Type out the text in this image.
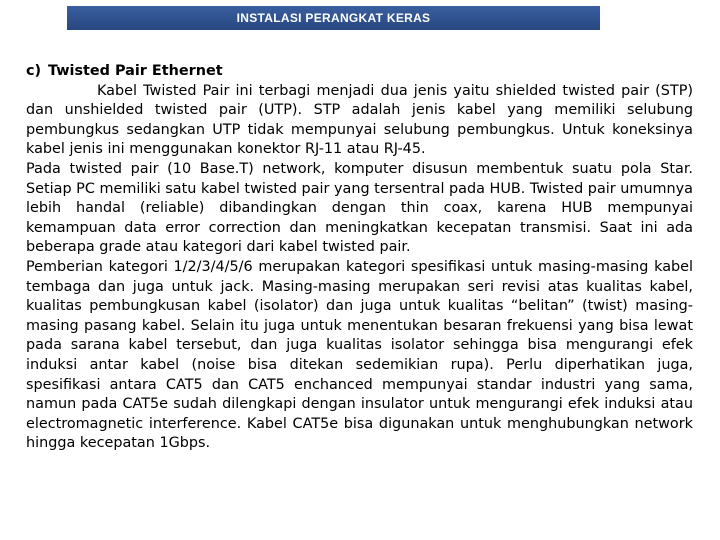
INSTALASI PERANGKAT KERAS

c) Twisted Pair Ethernet

Kabel Twisted Pair ini terbagi menjadi dua jenis yaitu shielded twisted pair (STP) dan unshielded twisted pair (UTP). STP adalah jenis kabel yang memiliki selubung pembungkus sedangkan UTP tidak mempunyai selubung pembungkus. Untuk koneksinya kabel jenis ini menggunakan konektor RJ-11 atau RJ-45.

Pada twisted pair (10 Base.T) network, komputer disusun membentuk suatu pola Star. Setiap PC memiliki satu kabel twisted pair yang tersentral pada HUB. Twisted pair umumnya lebih handal (reliable) dibandingkan dengan thin coax, karena HUB mempunyai kemampuan data error correction dan meningkatkan kecepatan transmisi. Saat ini ada beberapa grade atau kategori dari kabel twisted pair.

Pemberian kategori 1/2/3/4/5/6 merupakan kategori spesifikasi untuk masing-masing kabel tembaga dan juga untuk jack. Masing-masing merupakan seri revisi atas kualitas kabel, kualitas pembungkusan kabel (isolator) dan juga untuk kualitas “belitan” (twist) masing-masing pasang kabel. Selain itu juga untuk menentukan besaran frekuensi yang bisa lewat pada sarana kabel tersebut, dan juga kualitas isolator sehingga bisa mengurangi efek induksi antar kabel (noise bisa ditekan sedemikian rupa). Perlu diperhatikan juga, spesifikasi antara CAT5 dan CAT5 enchanced mempunyai standar industri yang sama, namun pada CAT5e sudah dilengkapi dengan insulator untuk mengurangi efek induksi atau electromagnetic interference. Kabel CAT5e bisa digunakan untuk menghubungkan network hingga kecepatan 1Gbps.
